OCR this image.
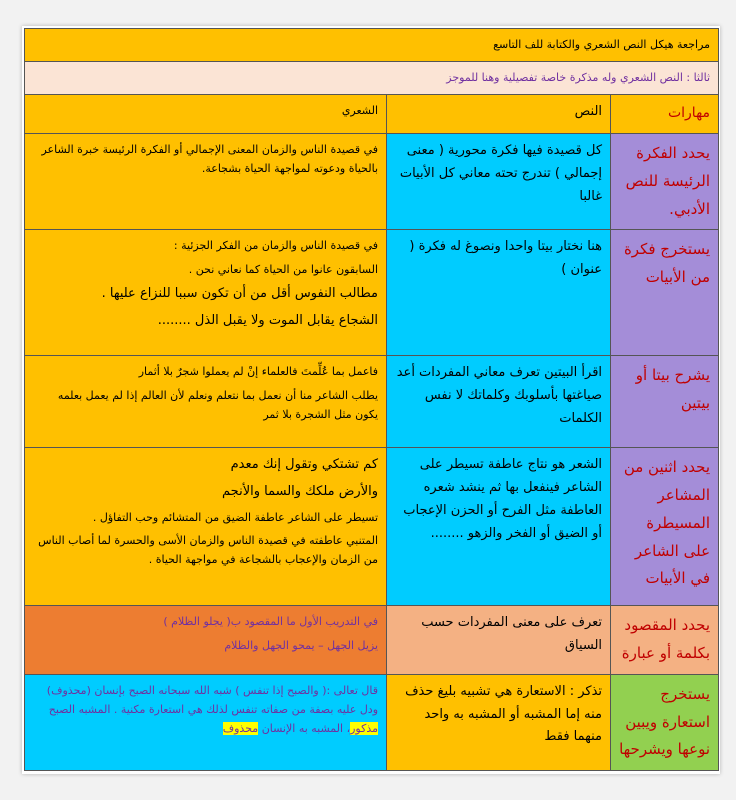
مراجعة هيكل النص الشعري والكتابة للف التاسع		
ثالثا : النص الشعري وله مذكرة خاصة تفصيلية وهنا للموجز		
مهارات	النص	الشعري
يحدد الفكرة الرئيسة للنص الأدبي.	كل قصيدة فيها فكرة محورية ( معنى إجمالي ) تندرج تحته معاني كل الأبيات غالبا	في قصيدة الناس والزمان المعنى الإجمالي أو الفكرة الرئيسة خبرة الشاعر بالحياة ودعوته لمواجهة الحياة بشجاعة.

يستخرج فكرة من الأبيات	هنا نختار بيتا واحدا ونصوغ له فكرة ( عنوان )	في قصيدة الناس والزمان من الفكر الجزئية :
السابقون عانوا من الحياة كما نعاني نحن .
مطالب النفوس أقل من أن تكون سببا للنزاع عليها .
الشجاع يقابل الموت ولا يقبل الذل ........

يشرح بيتا أو بيتين	اقرأ البيتين تعرف معاني المفردات أعد صياغتها بأسلوبك وكلماتك لا نفس الكلمات	فاعمل بما عُلِّمتَ فالعلماء إنْ لم يعملوا شجرٌ بلا أثمار
يطلب الشاعر منا أن نعمل بما نتعلم ونعلم لأن العالم إذا لم يعمل بعلمه يكون مثل الشجرة بلا ثمر

يحدد اثنين من المشاعر المسيطرة على الشاعر في الأبيات	الشعر هو نتاج عاطفة تسيطر على الشاعر فينفعل بها ثم ينشد شعره العاطفة مثل الفرح أو الحزن الإعجاب أو الضيق أو الفخر والزهو ........	كم تشتكي وتقول إنك معدم
والأرض ملكك والسما والأنجم
تسيطر على الشاعر عاطفة الضيق من المتشائم وحب التفاؤل .
المتنبي عاطفته في قصيدة الناس والزمان الأسى والحسرة لما أصاب الناس من الزمان والإعجاب بالشجاعة في مواجهة الحياة .

يحدد المقصود بكلمة أو عبارة	تعرف على معنى المفردات حسب السياق	في التدريب الأول ما المقصود ب( يجلو الظلام )
يزيل الجهل – يمحو الجهل والظلام

يستخرج استعارة ويبين نوعها ويشرحها	تذكر : الاستعارة هي تشبيه بليغ حذف منه إما المشبه أو المشبه به واحد منهما فقط	قال تعالى :( والصبح إذا تنفس ) شبه الله سبحانه الصبح بإنسان (محذوف) ودل عليه بصفة من صفاته تنفس لذلك هي استعارة مكنية . المشبه الصبح مذكور، المشبه به الإنسان محذوف
